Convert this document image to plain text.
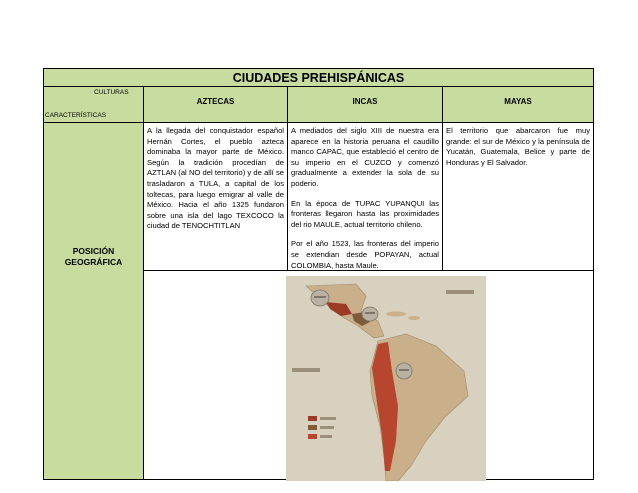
CIUDADES PREHISPÁNICAS
CULTURAS
CARACTERÍSTICAS
AZTECAS	INCAS	MAYAS
POSICIÓN GEOGRÁFICA

A la llegada del conquistador español Hernán Cortes, el pueblo azteca dominaba la mayor parte de México. Según la tradición procedían de AZTLAN (al NO del territorio) y de allí se trasladaron a TULA, a capital de los toltecas, para luego emigrar al valle de México. Hacia el año 1325 fundaron sobre una isla del lago TEXCOCO la ciudad de TENOCHTITLAN

A mediados del siglo XIII de nuestra era aparece en la historia peruana el caudillo manco CAPAC, que estableció el centro de su imperio en el CUZCO y comenzó gradualmente a extender la sola de su poderio.

En la época de TUPAC YUPANQUI las fronteras llegaron hasta las proximidades del rio MAULE, actual territorio chileno.

Por el año 1523, las fronteras del imperio se extendian desde POPAYAN, actual COLOMBIA, hasta Maule.

El territorio que abarcaron fue muy grande: el sur de México y la península de Yucatán, Guatemala, Belice y parte de Honduras y El Salvador.
